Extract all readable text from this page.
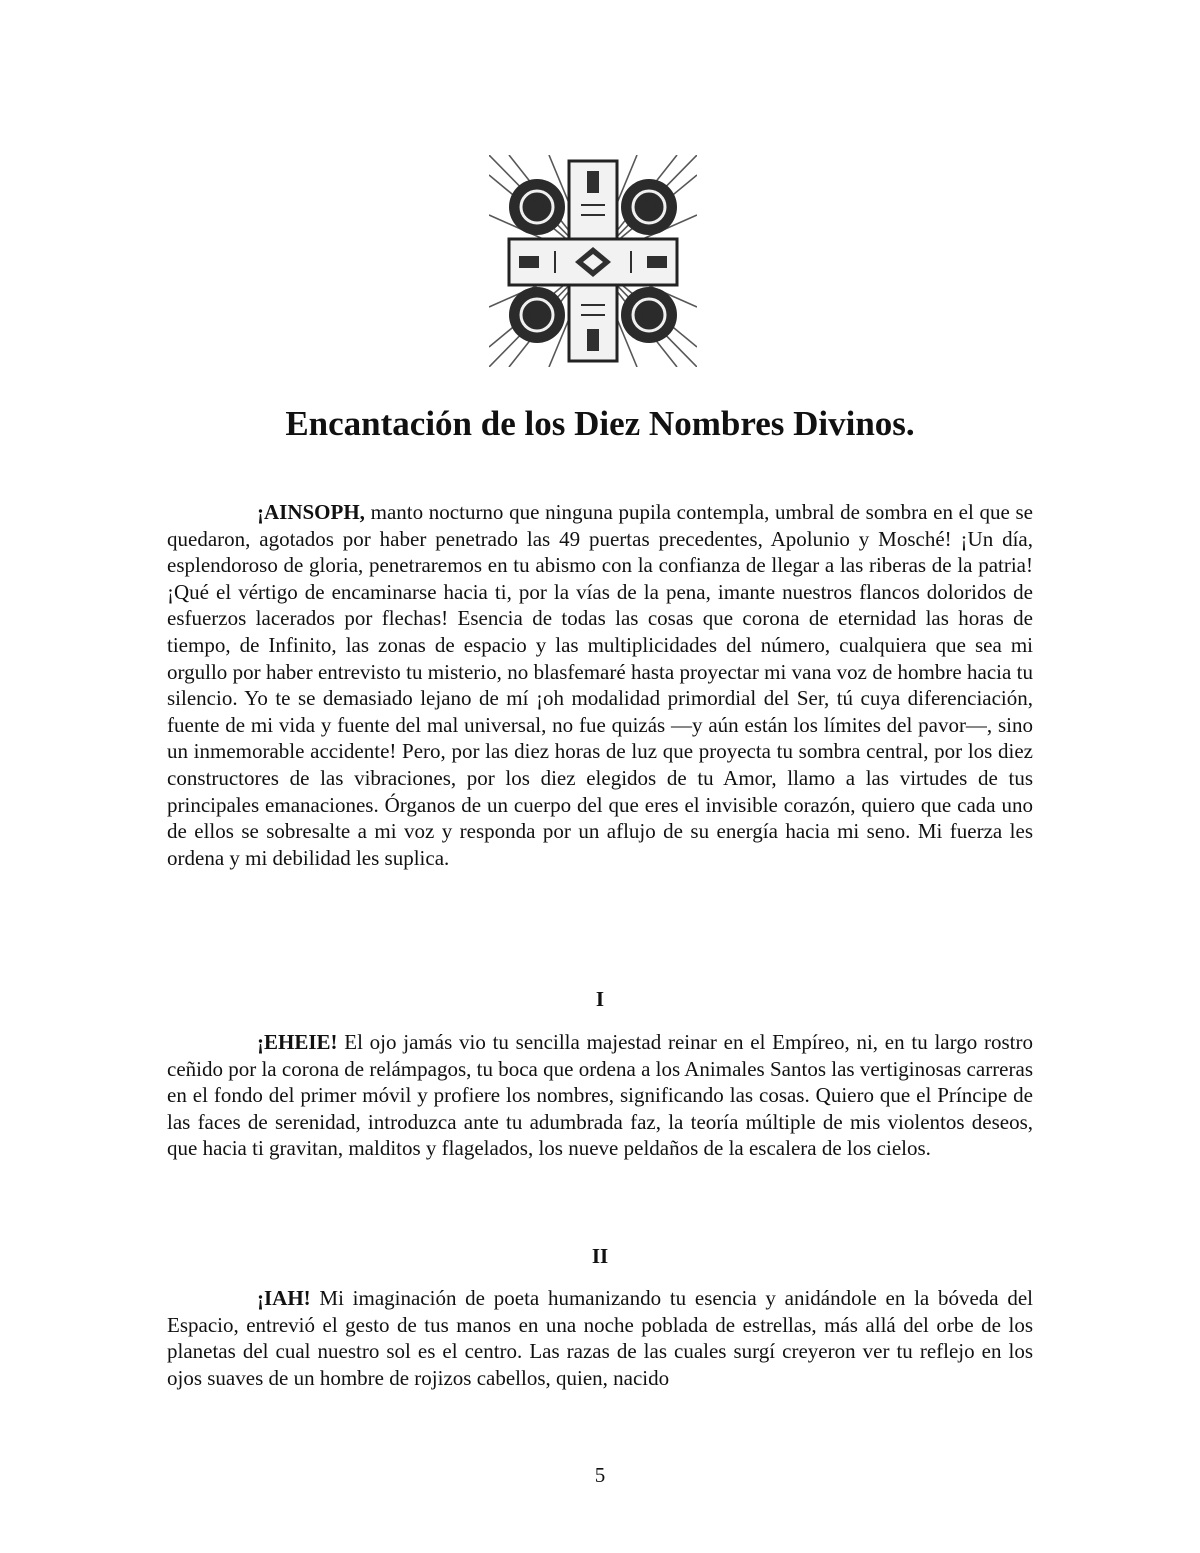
Encantación de los Diez Nombres Divinos.

¡AINSOPH, manto nocturno que ninguna pupila contempla, umbral de sombra en el que se quedaron, agotados por haber penetrado las 49 puertas precedentes, Apolunio y Mosché! ¡Un día, esplendoroso de gloria, penetraremos en tu abismo con la confianza de llegar a las riberas de la patria! ¡Qué el vértigo de encaminarse hacia ti, por la vías de la pena, imante nuestros flancos doloridos de esfuerzos lacerados por flechas! Esencia de todas las cosas que corona de eternidad las horas de tiempo, de Infinito, las zonas de espacio y las multiplicidades del número, cualquiera que sea mi orgullo por haber entrevisto tu misterio, no blasfemaré hasta proyectar mi vana voz de hombre hacia tu silencio. Yo te se demasiado lejano de mí ¡oh modalidad primordial del Ser, tú cuya diferenciación, fuente de mi vida y fuente del mal universal, no fue quizás —y aún están los límites del pavor—, sino un inmemorable accidente! Pero, por las diez horas de luz que proyecta tu sombra central, por los diez constructores de las vibraciones, por los diez elegidos de tu Amor, llamo a las virtudes de tus principales emanaciones. Órganos de un cuerpo del que eres el invisible corazón, quiero que cada uno de ellos se sobresalte a mi voz y responda por un aflujo de su energía hacia mi seno. Mi fuerza les ordena y mi debilidad les suplica.

I

¡EHEIE! El ojo jamás vio tu sencilla majestad reinar en el Empíreo, ni, en tu largo rostro ceñido por la corona de relámpagos, tu boca que ordena a los Animales Santos las vertiginosas carreras en el fondo del primer móvil y profiere los nombres, significando las cosas. Quiero que el Príncipe de las faces de serenidad, introduzca ante tu adumbrada faz, la teoría múltiple de mis violentos deseos, que hacia ti gravitan, malditos y flagelados, los nueve peldaños de la escalera de los cielos.

II

¡IAH! Mi imaginación de poeta humanizando tu esencia y anidándole en la bóveda del Espacio, entrevió el gesto de tus manos en una noche poblada de estrellas, más allá del orbe de los planetas del cual nuestro sol es el centro. Las razas de las cuales surgí creyeron ver tu reflejo en los ojos suaves de un hombre de rojizos cabellos, quien, nacido

5
